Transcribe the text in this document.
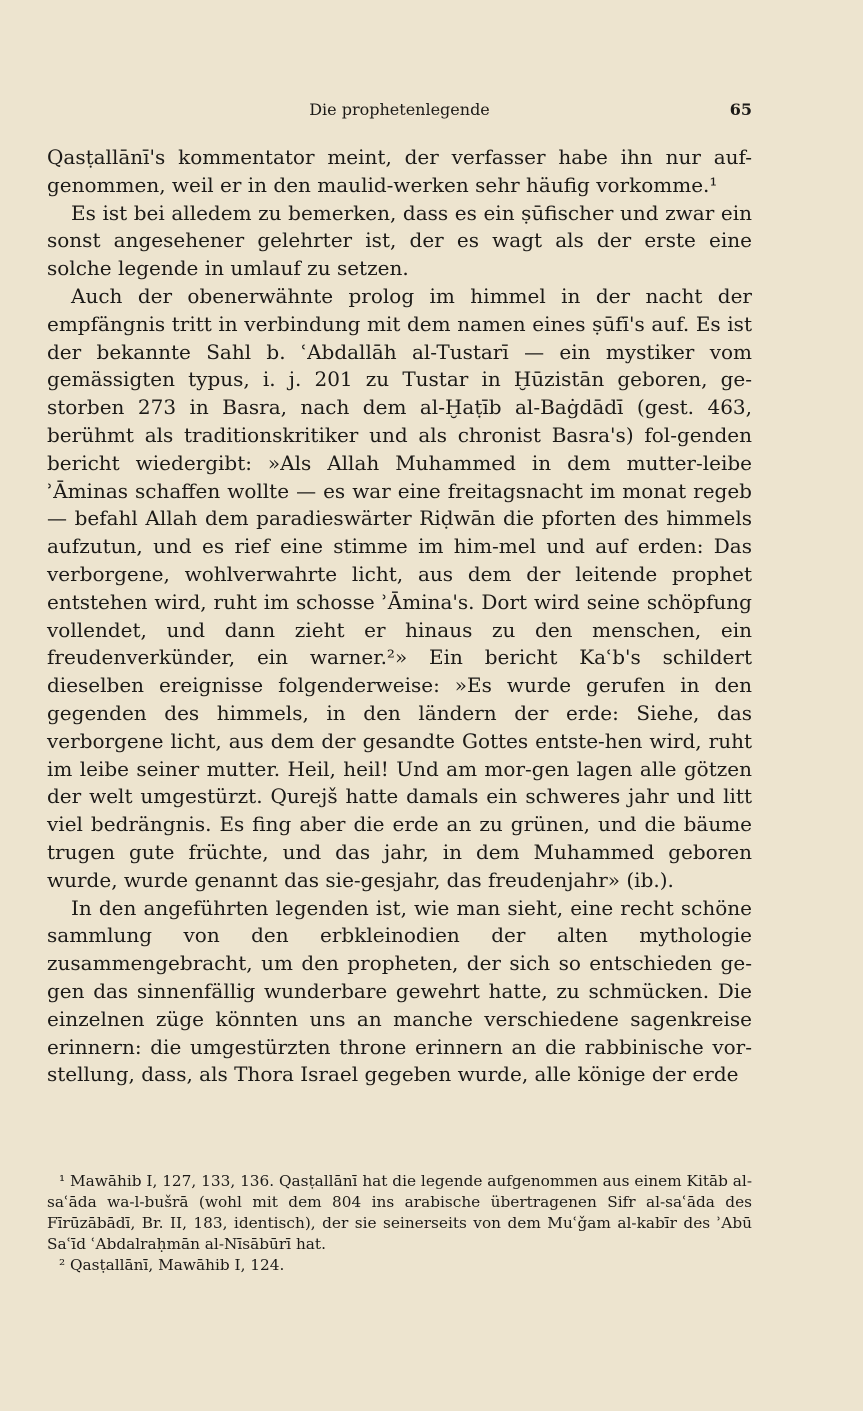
Die prophetenlegende	65

Qasṭallānī's kommentator meint, der verfasser habe ihn nur auf-genommen, weil er in den maulid-werken sehr häufig vorkomme.¹

Es ist bei alledem zu bemerken, dass es ein ṣūfischer und zwar ein sonst angesehener gelehrter ist, der es wagt als der erste eine solche legende in umlauf zu setzen.

Auch der obenerwähnte prolog im himmel in der nacht der empfängnis tritt in verbindung mit dem namen eines ṣūfī's auf. Es ist der bekannte Sahl b. ʿAbdallāh al-Tustarī — ein mystiker vom gemässigten typus, i. j. 201 zu Tustar in Ḫūzistān geboren, ge-storben 273 in Basra, nach dem al-Ḫaṭīb al-Baġdādī (gest. 463, berühmt als traditionskritiker und als chronist Basra's) fol-genden bericht wiedergibt: »Als Allah Muhammed in dem mutter-leibe ʾĀminas schaffen wollte — es war eine freitagsnacht im monat regeb — befahl Allah dem paradieswärter Riḍwān die pforten des himmels aufzutun, und es rief eine stimme im him-mel und auf erden: Das verborgene, wohlverwahrte licht, aus dem der leitende prophet entstehen wird, ruht im schosse ʾĀmina's. Dort wird seine schöpfung vollendet, und dann zieht er hinaus zu den menschen, ein freudenverkünder, ein warner.²» Ein bericht Kaʿb's schildert dieselben ereignisse folgenderweise: »Es wurde gerufen in den gegenden des himmels, in den ländern der erde: Siehe, das verborgene licht, aus dem der gesandte Gottes entste-hen wird, ruht im leibe seiner mutter. Heil, heil! Und am mor-gen lagen alle götzen der welt umgestürzt. Qurejš hatte damals ein schweres jahr und litt viel bedrängnis. Es fing aber die erde an zu grünen, und die bäume trugen gute früchte, und das jahr, in dem Muhammed geboren wurde, wurde genannt das sie-gesjahr, das freudenjahr» (ib.).

In den angeführten legenden ist, wie man sieht, eine recht schöne sammlung von den erbkleinodien der alten mythologie zusammengebracht, um den propheten, der sich so entschieden ge-gen das sinnenfällig wunderbare gewehrt hatte, zu schmücken. Die einzelnen züge könnten uns an manche verschiedene sagenkreise erinnern: die umgestürzten throne erinnern an die rabbinische vor-stellung, dass, als Thora Israel gegeben wurde, alle könige der erde

¹ Mawāhib I, 127, 133, 136. Qasṭallānī hat die legende aufgenommen aus einem Kitāb al-saʿāda wa-l-bušrā (wohl mit dem 804 ins arabische übertragenen Sifr al-saʿāda des Fīrūzābādī, Br. II, 183, identisch), der sie seinerseits von dem Muʿǧam al-kabīr des ʾAbū Saʿīd ʿAbdalraḥmān al-Nīsābūrī hat.

² Qasṭallānī, Mawāhib I, 124.
